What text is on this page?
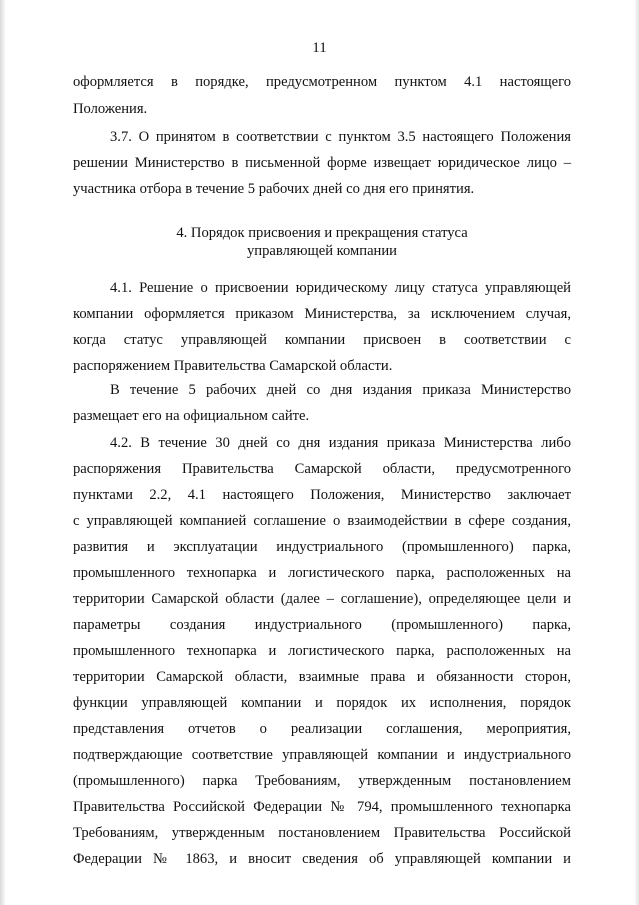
11
оформляется в порядке, предусмотренном пунктом 4.1 настоящего
Положения.
3.7. О принятом в соответствии с пунктом 3.5 настоящего Положения
решении Министерство в письменной форме извещает юридическое лицо –
участника отбора в течение 5 рабочих дней со дня его принятия.
4. Порядок присвоения и прекращения статуса
управляющей компании
4.1. Решение о присвоении юридическому лицу статуса управляющей
компании оформляется приказом Министерства, за исключением случая,
когда статус управляющей компании присвоен в соответствии с
распоряжением Правительства Самарской области.
В течение 5 рабочих дней со дня издания приказа Министерство
размещает его на официальном сайте.
4.2. В течение 30 дней со дня издания приказа Министерства либо
распоряжения Правительства Самарской области, предусмотренного
пунктами 2.2, 4.1 настоящего Положения, Министерство заключает
с управляющей компанией соглашение о взаимодействии в сфере создания,
развития и эксплуатации индустриального (промышленного) парка,
промышленного технопарка и логистического парка, расположенных на
территории Самарской области (далее – соглашение), определяющее цели и
параметры создания индустриального (промышленного) парка,
промышленного технопарка и логистического парка, расположенных на
территории Самарской области, взаимные права и обязанности сторон,
функции управляющей компании и порядок их исполнения, порядок
представления отчетов о реализации соглашения, мероприятия,
подтверждающие соответствие управляющей компании и индустриального
(промышленного) парка Требованиям, утвержденным постановлением
Правительства Российской Федерации № 794, промышленного технопарка
Требованиям, утвержденным постановлением Правительства Российской
Федерации № 1863, и вносит сведения об управляющей компании и
